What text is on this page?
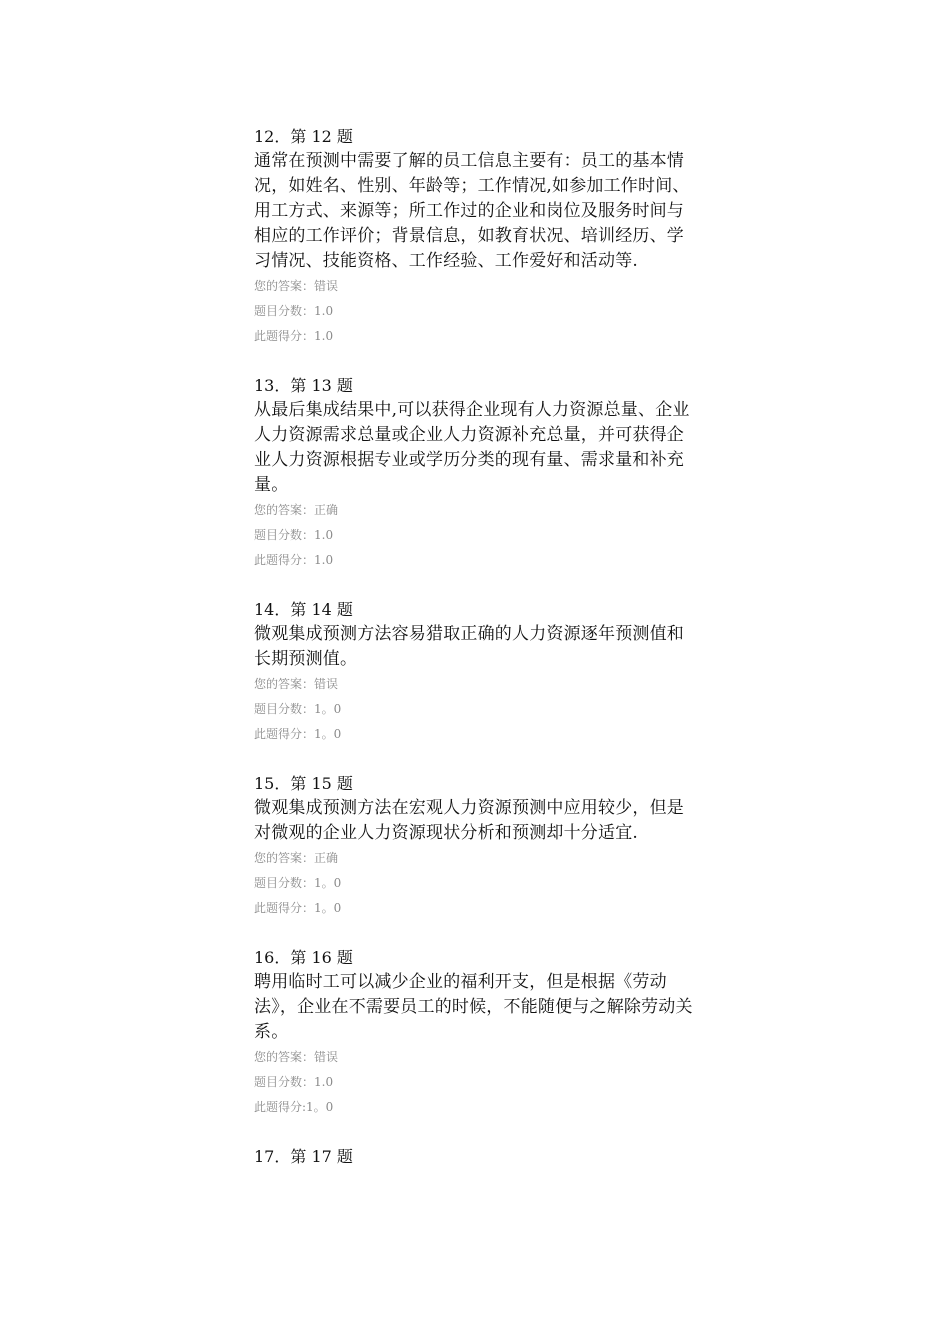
12．第 12 题
通常在预测中需要了解的员工信息主要有：员工的基本情况，如姓名、性别、年龄等；工作情况,如参加工作时间、用工方式、来源等；所工作过的企业和岗位及服务时间与相应的工作评价；背景信息，如教育状况、培训经历、学习情况、技能资格、工作经验、工作爱好和活动等.
您的答案：错误
题目分数：1.0
此题得分：1.0
13．第 13 题
从最后集成结果中,可以获得企业现有人力资源总量、企业人力资源需求总量或企业人力资源补充总量，并可获得企业人力资源根据专业或学历分类的现有量、需求量和补充量。
您的答案：正确
题目分数：1.0
此题得分：1.0
14．第 14 题
微观集成预测方法容易猎取正确的人力资源逐年预测值和长期预测值。
您的答案：错误
题目分数：1。0
此题得分：1。0
15．第 15 题
微观集成预测方法在宏观人力资源预测中应用较少，但是对微观的企业人力资源现状分析和预测却十分适宜.
您的答案：正确
题目分数：1。0
此题得分：1。0
16．第 16 题
聘用临时工可以减少企业的福利开支，但是根据《劳动法》，企业在不需要员工的时候，不能随便与之解除劳动关系。
您的答案：错误
题目分数：1.0
此题得分:1。0
17．第 17 题
